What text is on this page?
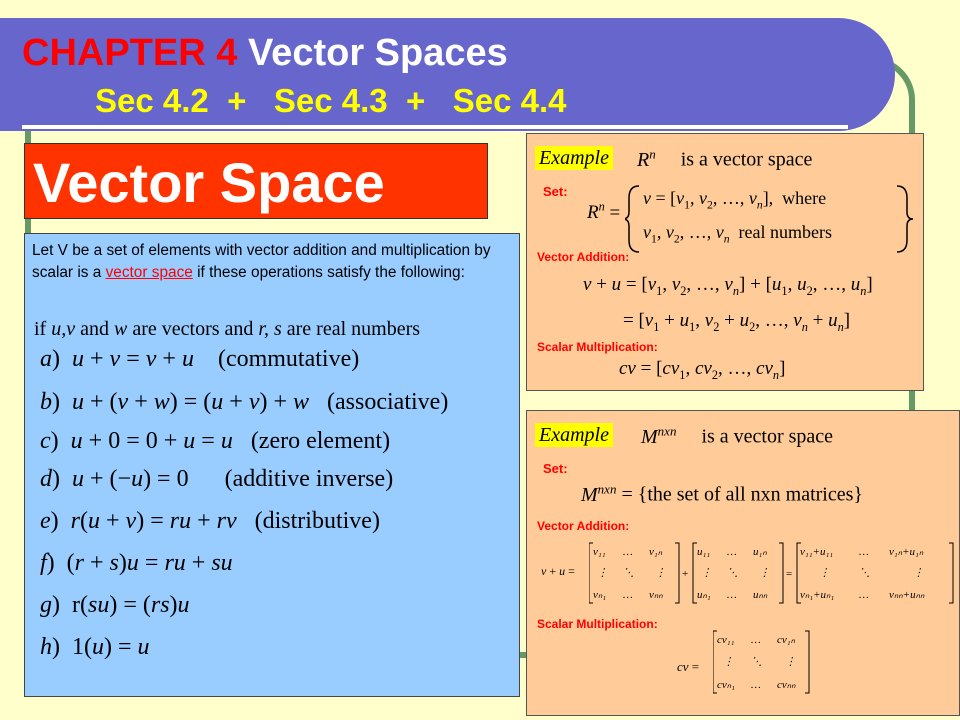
CHAPTER 4 Vector Spaces
Sec 4.2  +   Sec 4.3  +   Sec 4.4
Vector Space
Let V be a set of elements with vector addition and multiplication by scalar is a vector space if these operations satisfy the following:
if u,v and w are vectors and r, s are real numbers
a)  u + v = v + u    (commutative)
b)  u + (v + w) = (u + v) + w   (associative)
c)  u + 0 = 0 + u = u   (zero element)
d)  u + (−u) = 0      (additive inverse)
e)  r(u + v) = ru + rv   (distributive)
f)  (r + s)u = ru + su
g)  r(su) = (rs)u
h)  1(u) = u
Example $R^n$     is a vector space
Set:
$R^n$ =
$v = [v_1$, $v_2$, …, $v_n$],  where
$v_1$, $v_2$, …, $v_n$  real numbers
Vector Addition:
$v + u = [v_1$, $v_2$, …, $v_n] + [u_1$, $u_2$, …, $u_n$]
= [$v_1 + u_1$, $v_2 + u_2$, …, $v_n + u_n$]
Scalar Multiplication:
cv = [$cv_1$, $cv_2$, …, $cv_n$]
Example $M^{nxn}$     is a vector space
Set:
$M^{nxn} = \{the$ set of all nxn matrices}
Vector Addition:
v + u =
v₁₁ … v₁ₙ
⋮ ⋱ ⋮
vₙ₁ … vₙₙ
+
u₁₁ … u₁ₙ
⋮ ⋱ ⋮
uₙ₁ … uₙₙ
=
v₁₁+u₁₁ … v₁ₙ+u₁ₙ
⋮	⋱	⋮
vₙ₁+uₙ₁ … vₙₙ+uₙₙ
Scalar Multiplication:
cv =
cv₁₁ … cv₁ₙ
⋮ ⋱ ⋮
cvₙ₁ … cvₙₙ
